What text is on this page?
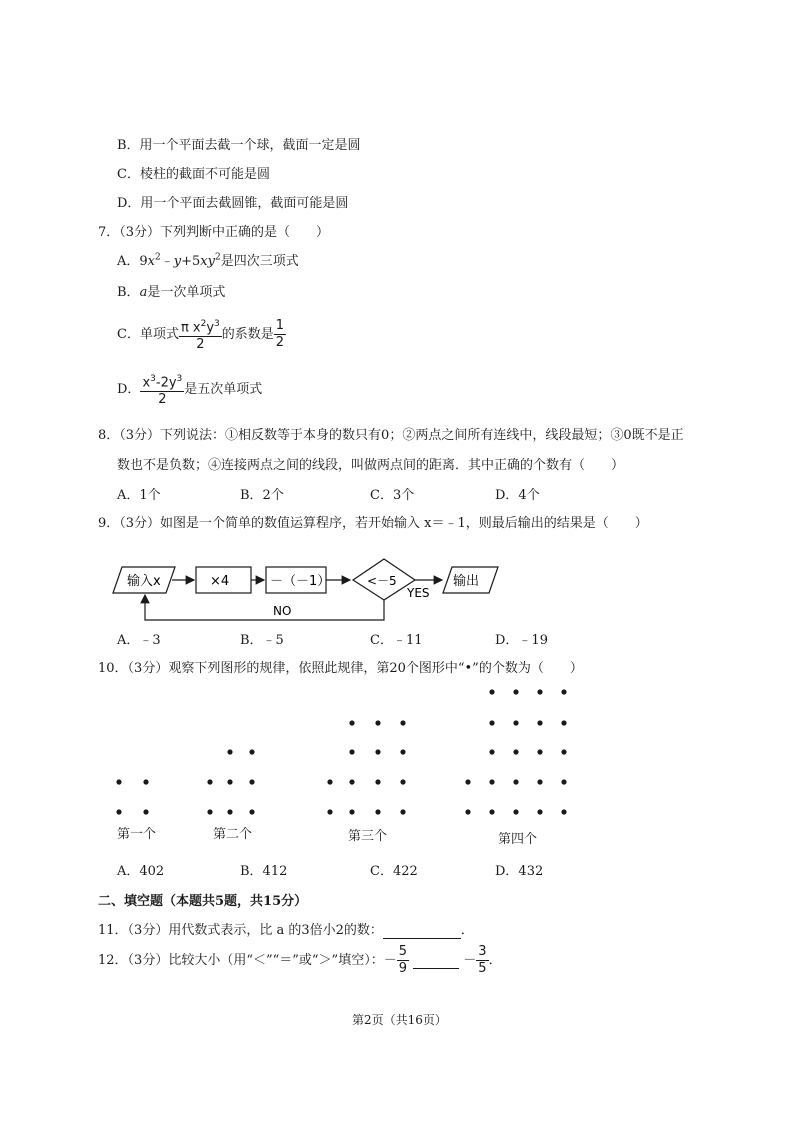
B．用一个平面去截一个球，截面一定是圆
C．棱柱的截面不可能是圆
D．用一个平面去截圆锥，截面可能是圆
7．（3分）下列判断中正确的是（　　）
A．$9x^2﹣y+5xy^2$是四次三项式
B．a是一次单项式
C．单项式 $\frac{\pi x^2y^3}{2}$ 的系数是 $\frac{1}{2}$
D． $\frac{x^3-2y^3}{2}$ 是五次单项式
8．（3分）下列说法：①相反数等于本身的数只有0；②两点之间所有连线中，线段最短；③0既不是正
数也不是负数；④连接两点之间的线段，叫做两点间的距离．其中正确的个数有（　　）
A．1个	B．2个	C．3个	D．4个
9．（3分）如图是一个简单的数值运算程序，若开始输入 x＝﹣1，则最后输出的结果是（　　）
输入x	×4	－（－1）	<－5
YES
输出
NO
A．﹣3	B．﹣5	C．﹣11	D．﹣19
10．（3分）观察下列图形的规律，依照此规律，第20个图形中“•”的个数为（　　）
第一个	第二个	第三个	第四个
A．402	B．412	C．422	D．432
二、填空题（本题共5题，共15分）
11．（3分）用代数式表示，比 a 的3倍小2的数：	．
12．（3分）比较大小（用“＜”“＝”或“＞”填空）：－ $\frac{5}{9}$	－ $\frac{3}{5}$ ．
第2页（共16页）
